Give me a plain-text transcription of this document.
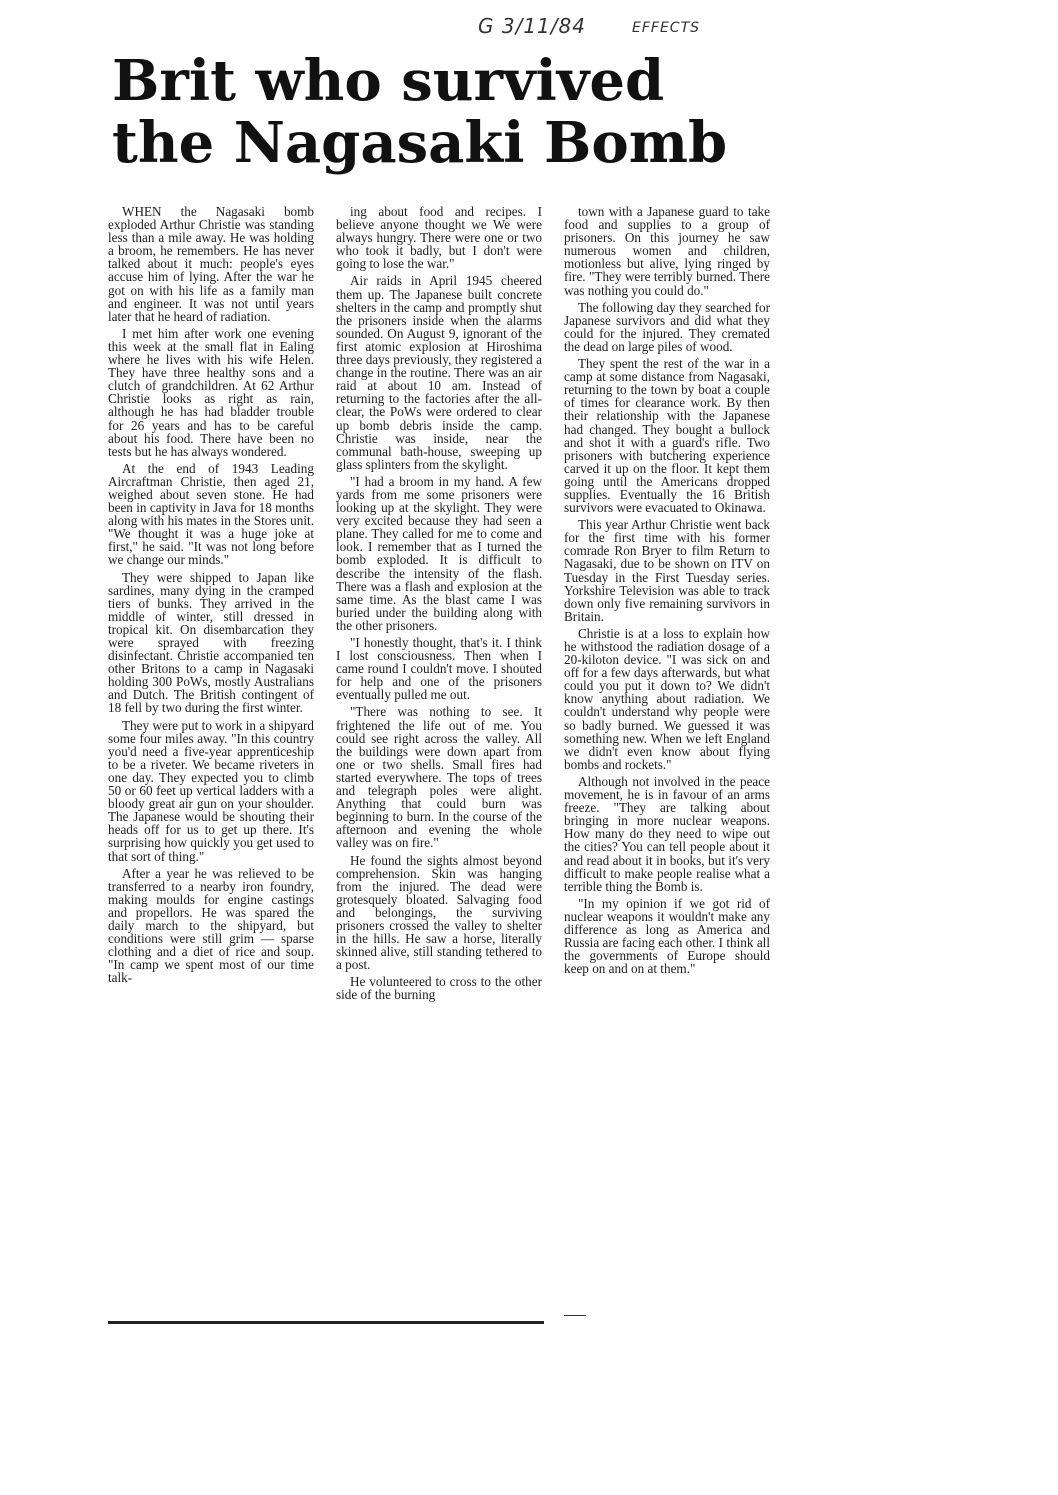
G 3/11/84	EFFECTS
Brit who survived
the Nagasaki Bomb

WHEN the Nagasaki bomb exploded Arthur Christie was standing less than a mile away. He was holding a broom, he remembers. He has never talked about it much: people's eyes accuse him of lying. After the war he got on with his life as a family man and engineer. It was not until years later that he heard of radiation.

I met him after work one evening this week at the small flat in Ealing where he lives with his wife Helen. They have three healthy sons and a clutch of grandchildren. At 62 Arthur Christie looks as right as rain, although he has had bladder trouble for 26 years and has to be careful about his food. There have been no tests but he has always wondered.

At the end of 1943 Leading Aircraftman Christie, then aged 21, weighed about seven stone. He had been in captivity in Java for 18 months along with his mates in the Stores unit. "We thought it was a huge joke at first," he said. "It was not long before we change our minds."

They were shipped to Japan like sardines, many dying in the cramped tiers of bunks. They arrived in the middle of winter, still dressed in tropical kit. On disembarcation they were sprayed with freezing disinfectant. Christie accompanied ten other Britons to a camp in Nagasaki holding 300 PoWs, mostly Australians and Dutch. The British contingent of 18 fell by two during the first winter.

They were put to work in a shipyard some four miles away. "In this country you'd need a five-year apprenticeship to be a riveter. We became riveters in one day. They expected you to climb 50 or 60 feet up vertical ladders with a bloody great air gun on your shoulder. The Japanese would be shouting their heads off for us to get up there. It's surprising how quickly you get used to that sort of thing."

After a year he was relieved to be transferred to a nearby iron foundry, making moulds for engine castings and propellors. He was spared the daily march to the shipyard, but conditions were still grim — sparse clothing and a diet of rice and soup. "In camp we spent most of our time talk-

ing about food and recipes. I believe anyone thought we We were always hungry. There were one or two who took it badly, but I don't were going to lose the war."

Air raids in April 1945 cheered them up. The Japanese built concrete shelters in the camp and promptly shut the prisoners inside when the alarms sounded. On August 9, ignorant of the first atomic explosion at Hiroshima three days previously, they registered a change in the routine. There was an air raid at about 10 am. Instead of returning to the factories after the all-clear, the PoWs were ordered to clear up bomb debris inside the camp. Christie was inside, near the communal bath-house, sweeping up glass splinters from the skylight.

"I had a broom in my hand. A few yards from me some prisoners were looking up at the skylight. They were very excited because they had seen a plane. They called for me to come and look. I remember that as I turned the bomb exploded. It is difficult to describe the intensity of the flash. There was a flash and explosion at the same time. As the blast came I was buried under the building along with the other prisoners.

"I honestly thought, that's it. I think I lost consciousness. Then when I came round I couldn't move. I shouted for help and one of the prisoners eventually pulled me out.

"There was nothing to see. It frightened the life out of me. You could see right across the valley. All the buildings were down apart from one or two shells. Small fires had started everywhere. The tops of trees and telegraph poles were alight. Anything that could burn was beginning to burn. In the course of the afternoon and evening the whole valley was on fire."

He found the sights almost beyond comprehension. Skin was hanging from the injured. The dead were grotesquely bloated. Salvaging food and belongings, the surviving prisoners crossed the valley to shelter in the hills. He saw a horse, literally skinned alive, still standing tethered to a post.

He volunteered to cross to the other side of the burning

town with a Japanese guard to take food and supplies to a group of prisoners. On this journey he saw numerous women and children, motionless but alive, lying ringed by fire. "They were terribly burned. There was nothing you could do."

The following day they searched for Japanese survivors and did what they could for the injured. They cremated the dead on large piles of wood.

They spent the rest of the war in a camp at some distance from Nagasaki, returning to the town by boat a couple of times for clearance work. By then their relationship with the Japanese had changed. They bought a bullock and shot it with a guard's rifle. Two prisoners with butchering experience carved it up on the floor. It kept them going until the Americans dropped supplies. Eventually the 16 British survivors were evacuated to Okinawa.

This year Arthur Christie went back for the first time with his former comrade Ron Bryer to film Return to Nagasaki, due to be shown on ITV on Tuesday in the First Tuesday series. Yorkshire Television was able to track down only five remaining survivors in Britain.

Christie is at a loss to explain how he withstood the radiation dosage of a 20-kiloton device. "I was sick on and off for a few days afterwards, but what could you put it down to? We didn't know anything about radiation. We couldn't understand why people were so badly burned. We guessed it was something new. When we left England we didn't even know about flying bombs and rockets."

Although not involved in the peace movement, he is in favour of an arms freeze. "They are talking about bringing in more nuclear weapons. How many do they need to wipe out the cities? You can tell people about it and read about it in books, but it's very difficult to make people realise what a terrible thing the Bomb is.

"In my opinion if we got rid of nuclear weapons it wouldn't make any difference as long as America and Russia are facing each other. I think all the governments of Europe should keep on and on at them."
